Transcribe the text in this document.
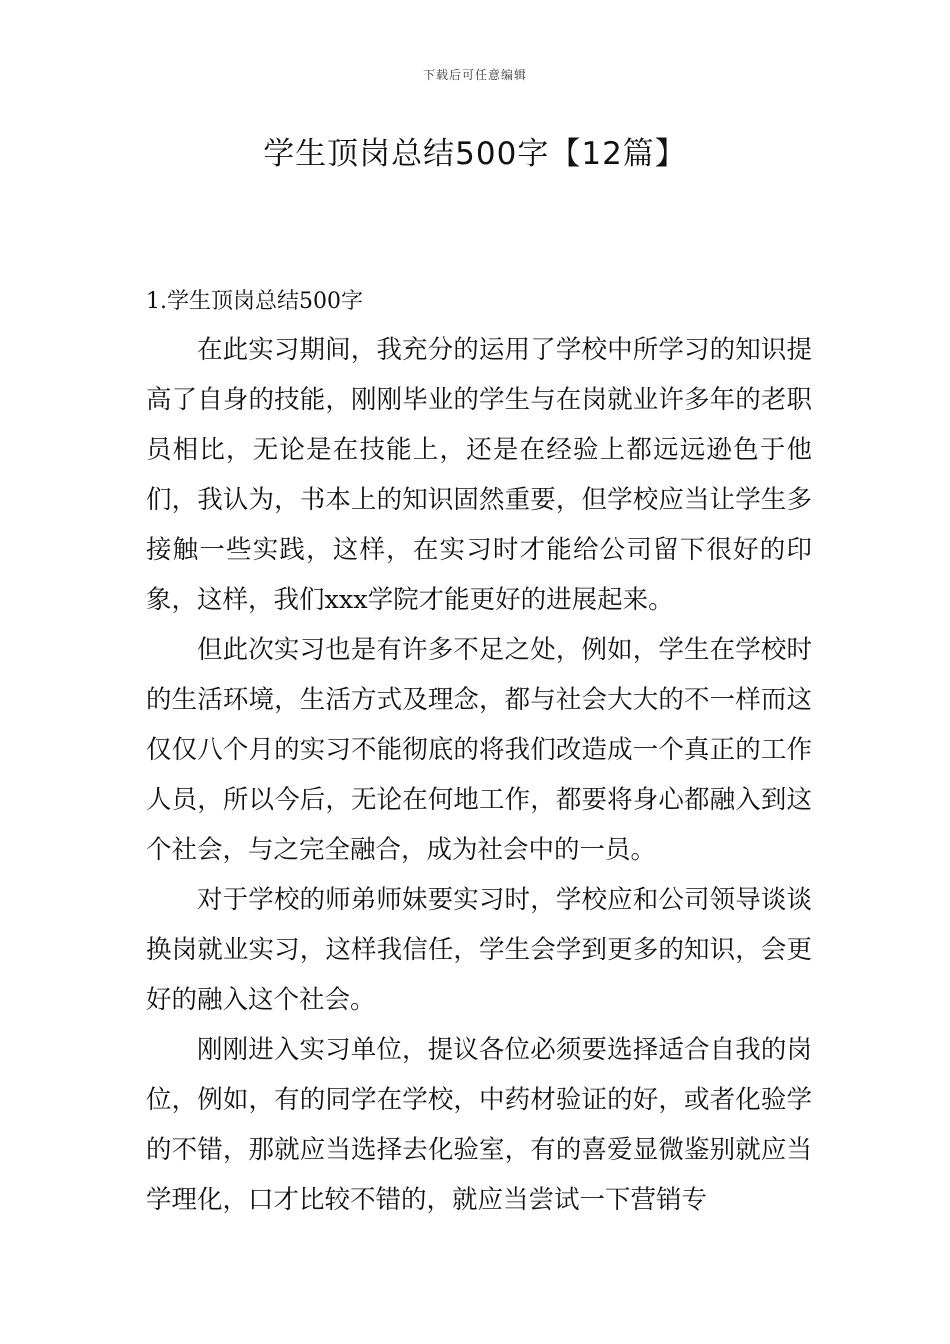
下载后可任意编辑
学生顶岗总结500字【12篇】
1.学生顶岗总结500字

在此实习期间，我充分的运用了学校中所学习的知识提高了自身的技能，刚刚毕业的学生与在岗就业许多年的老职员相比，无论是在技能上，还是在经验上都远远逊色于他们，我认为，书本上的知识固然重要，但学校应当让学生多接触一些实践，这样，在实习时才能给公司留下很好的印象，这样，我们xxx学院才能更好的进展起来。

但此次实习也是有许多不足之处，例如，学生在学校时的生活环境，生活方式及理念，都与社会大大的不一样而这仅仅八个月的实习不能彻底的将我们改造成一个真正的工作人员，所以今后，无论在何地工作，都要将身心都融入到这个社会，与之完全融合，成为社会中的一员。

对于学校的师弟师妹要实习时，学校应和公司领导谈谈换岗就业实习，这样我信任，学生会学到更多的知识，会更好的融入这个社会。

刚刚进入实习单位，提议各位必须要选择适合自我的岗位，例如，有的同学在学校，中药材验证的好，或者化验学的不错，那就应当选择去化验室，有的喜爱显微鉴别就应当学理化，口才比较不错的，就应当尝试一下营销专
